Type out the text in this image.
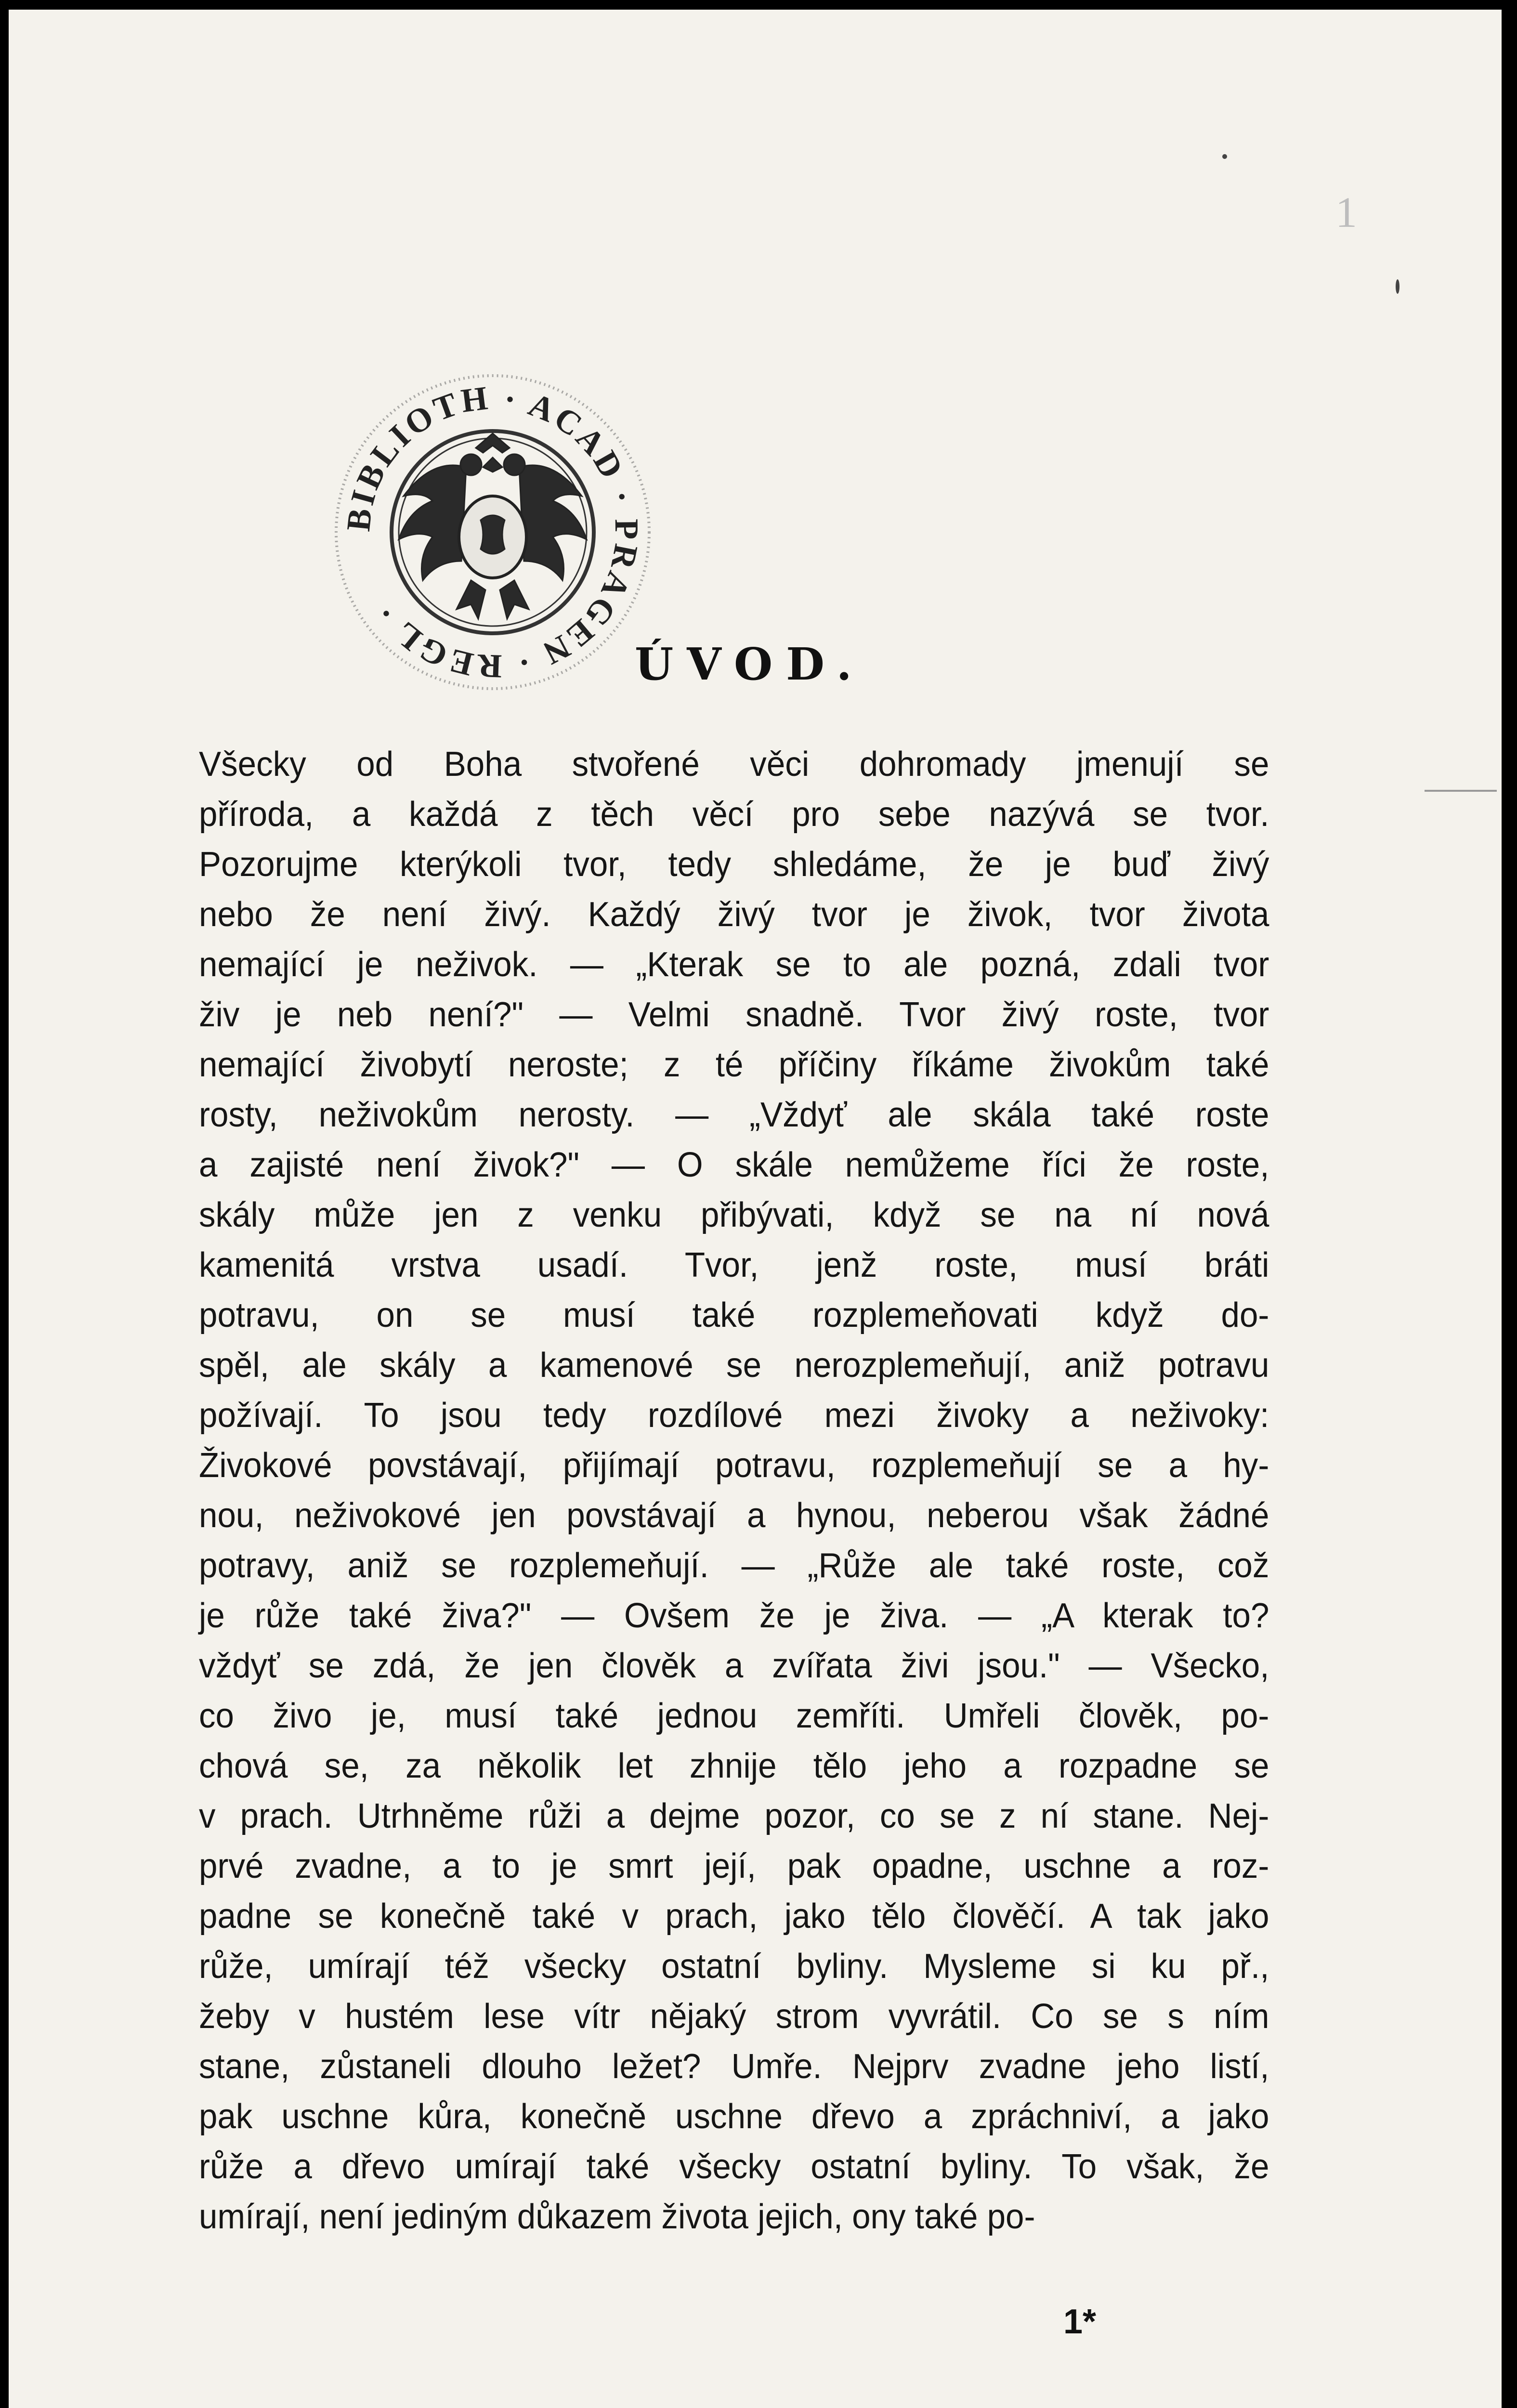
1
BIBLIOTH · ACAD · PRAGEN · REGL ·
ÚVOD.
Všecky od Boha stvořené věci dohromady jmenují se
příroda, a každá z těch věcí pro sebe nazývá se tvor.
Pozorujme kterýkoli tvor, tedy shledáme, že je buď živý
nebo že není živý. Každý živý tvor je živok, tvor života
nemající je neživok. — „Kterak se to ale pozná, zdali tvor
živ je neb není?" — Velmi snadně. Tvor živý roste, tvor
nemající živobytí neroste; z té příčiny říkáme živokům také
rosty, neživokům nerosty. — „Vždyť ale skála také roste
a zajisté není živok?" — O skále nemůžeme říci že roste,
skály může jen z venku přibývati, když se na ní nová
kamenitá vrstva usadí. Tvor, jenž roste, musí bráti
potravu, on se musí také rozplemeňovati když do-
spěl, ale skály a kamenové se nerozplemeňují, aniž potravu
požívají. To jsou tedy rozdílové mezi živoky a neživoky:
Živokové povstávají, přijímají potravu, rozplemeňují se a hy-
nou, neživokové jen povstávají a hynou, neberou však žádné
potravy, aniž se rozplemeňují. — „Růže ale také roste, což
je růže také živa?" — Ovšem že je živa. — „A kterak to?
vždyť se zdá, že jen člověk a zvířata živi jsou." — Všecko,
co živo je, musí také jednou zemříti. Umřeli člověk, po-
chová se, za několik let zhnije tělo jeho a rozpadne se
v prach. Utrhněme růži a dejme pozor, co se z ní stane. Nej-
prvé zvadne, a to je smrt její, pak opadne, uschne a roz-
padne se konečně také v prach, jako tělo člověčí. A tak jako
růže, umírají též všecky ostatní byliny. Mysleme si ku př.,
žeby v hustém lese vítr nějaký strom vyvrátil. Co se s ním
stane, zůstaneli dlouho ležet? Umře. Nejprv zvadne jeho listí,
pak uschne kůra, konečně uschne dřevo a zpráchniví, a jako
růže a dřevo umírají také všecky ostatní byliny. To však, že
umírají, není jediným důkazem života jejich, ony také po-
1*
